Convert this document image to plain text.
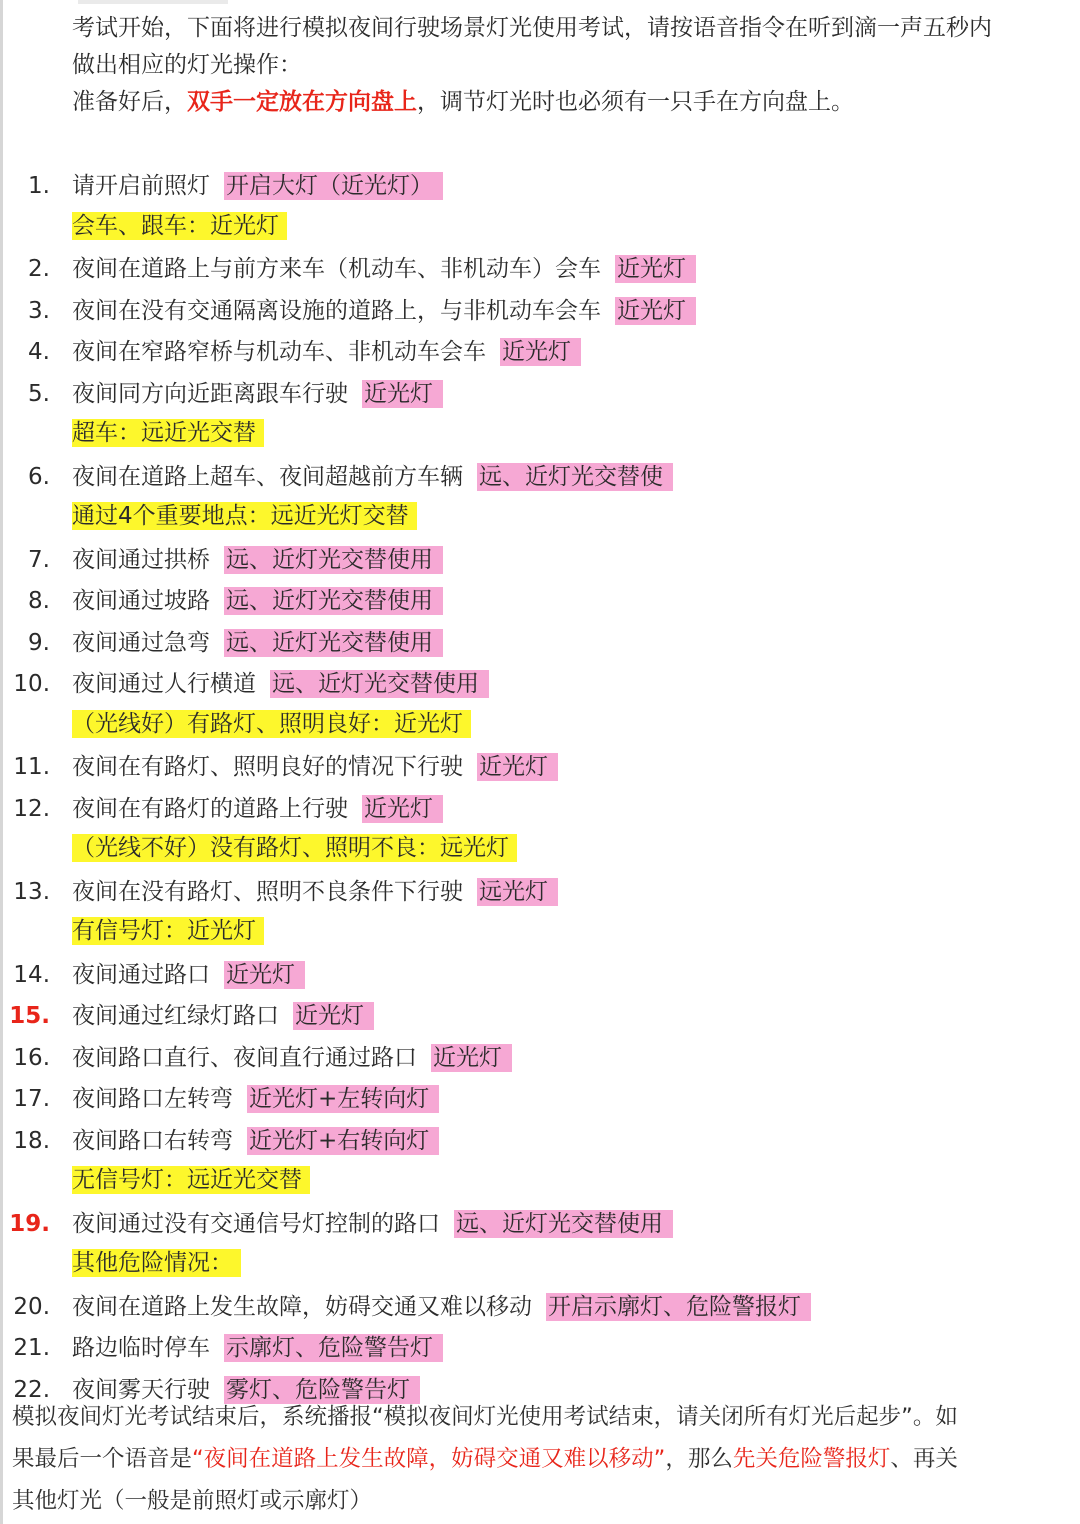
考试开始，下面将进行模拟夜间行驶场景灯光使用考试，请按语音指令在听到滴一声五秒内

做出相应的灯光操作：

准备好后，双手一定放在方向盘上，调节灯光时也必须有一只手在方向盘上。

1. 请开启前照灯 开启大灯（近光灯）
会车、跟车：近光灯
2. 夜间在道路上与前方来车（机动车、非机动车）会车 近光灯
3. 夜间在没有交通隔离设施的道路上，与非机动车会车 近光灯
4. 夜间在窄路窄桥与机动车、非机动车会车 近光灯
5. 夜间同方向近距离跟车行驶 近光灯
超车：远近光交替
6. 夜间在道路上超车、夜间超越前方车辆 远、近灯光交替使
通过4个重要地点：远近光灯交替
7. 夜间通过拱桥 远、近灯光交替使用
8. 夜间通过坡路 远、近灯光交替使用
9. 夜间通过急弯 远、近灯光交替使用
10. 夜间通过人行横道 远、近灯光交替使用
（光线好）有路灯、照明良好：近光灯
11. 夜间在有路灯、照明良好的情况下行驶 近光灯
12. 夜间在有路灯的道路上行驶 近光灯
（光线不好）没有路灯、照明不良：远光灯
13. 夜间在没有路灯、照明不良条件下行驶 远光灯
有信号灯：近光灯
14. 夜间通过路口 近光灯
15. 夜间通过红绿灯路口 近光灯
16. 夜间路口直行、夜间直行通过路口 近光灯
17. 夜间路口左转弯 近光灯+左转向灯
18. 夜间路口右转弯 近光灯+右转向灯
无信号灯：远近光交替
19. 夜间通过没有交通信号灯控制的路口 远、近灯光交替使用
其他危险情况：
20. 夜间在道路上发生故障，妨碍交通又难以移动 开启示廓灯、危险警报灯
21. 路边临时停车 示廓灯、危险警告灯
22. 夜间雾天行驶 雾灯、危险警告灯

模拟夜间灯光考试结束后，系统播报“模拟夜间灯光使用考试结束，请关闭所有灯光后起步”。如

果最后一个语音是“夜间在道路上发生故障，妨碍交通又难以移动”，那么先关危险警报灯、再关

其他灯光（一般是前照灯或示廓灯）
